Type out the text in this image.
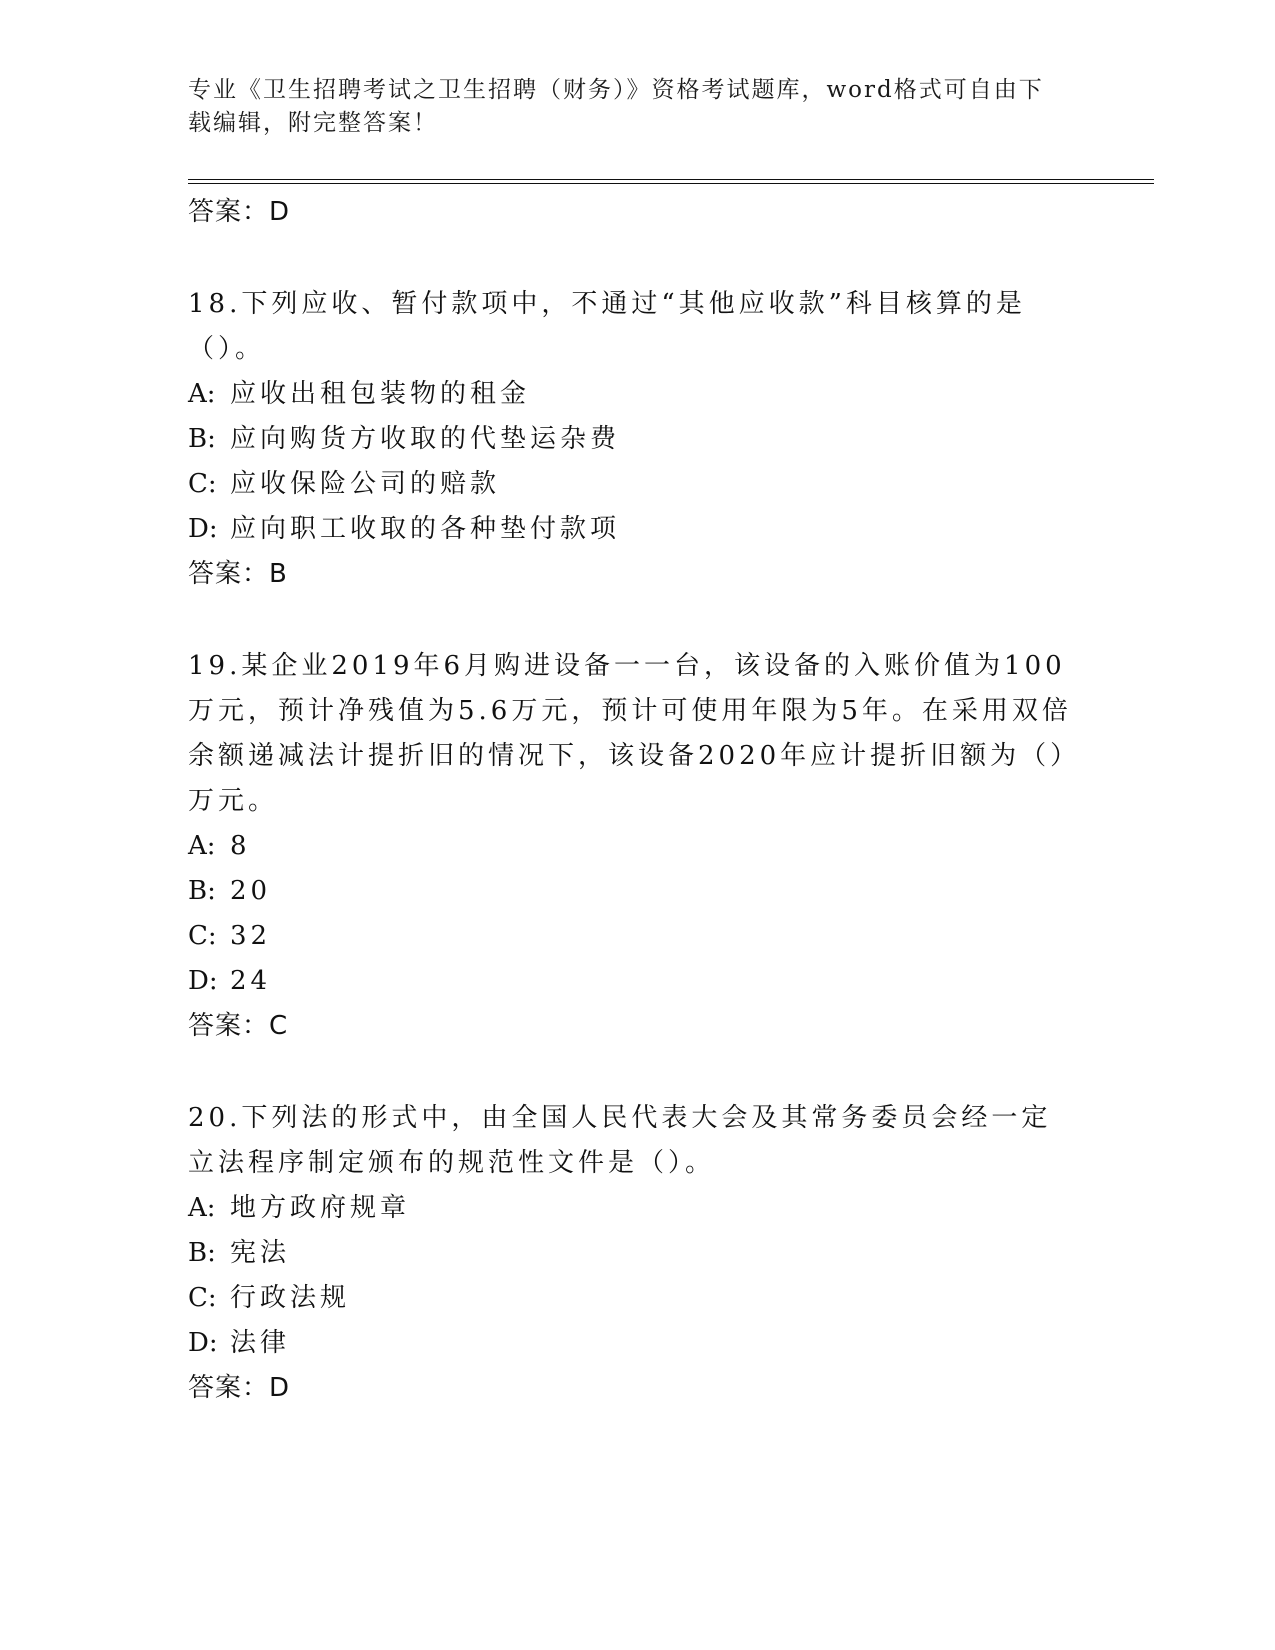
专业《卫生招聘考试之卫生招聘（财务）》资格考试题库，word格式可自由下载编辑，附完整答案！
答案：D

18.下列应收、暂付款项中，不通过“其他应收款”科目核算的是（）。

A: 应收出租包装物的租金
B: 应向购货方收取的代垫运杂费
C: 应收保险公司的赔款
D: 应向职工收取的各种垫付款项
答案：B

19.某企业2019年6月购进设备一一台，该设备的入账价值为100万元，预计净残值为5.6万元，预计可使用年限为5年。在采用双倍余额递减法计提折旧的情况下，该设备2020年应计提折旧额为（）万元。

A: 8
B: 20
C: 32
D: 24
答案：C

20.下列法的形式中，由全国人民代表大会及其常务委员会经一定立法程序制定颁布的规范性文件是（）。

A: 地方政府规章
B: 宪法
C: 行政法规
D: 法律
答案：D
